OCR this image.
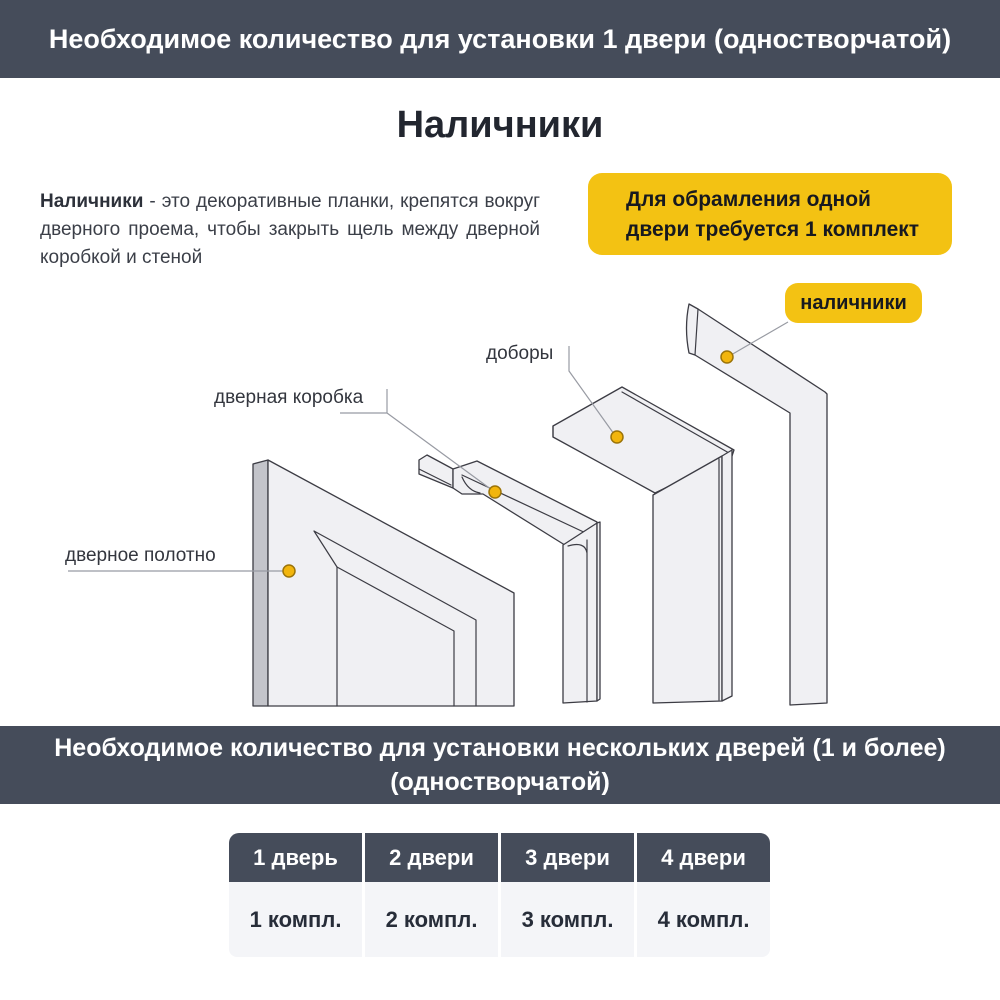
Необходимое количество для установки 1 двери (одностворчатой)
Наличники

Наличники - это декоративные планки, крепятся вокруг дверного проема, чтобы закрыть щель между дверной коробкой и стеной

Для обрамления одной двери требуется 1 комплект
дверное полотно
дверная коробка
доборы
наличники
Необходимое количество для установки нескольких дверей (1 и более)
(одностворчатой)
1 дверь	2 двери	3 двери	4 двери
1 компл.	2 компл.	3 компл.	4 компл.
